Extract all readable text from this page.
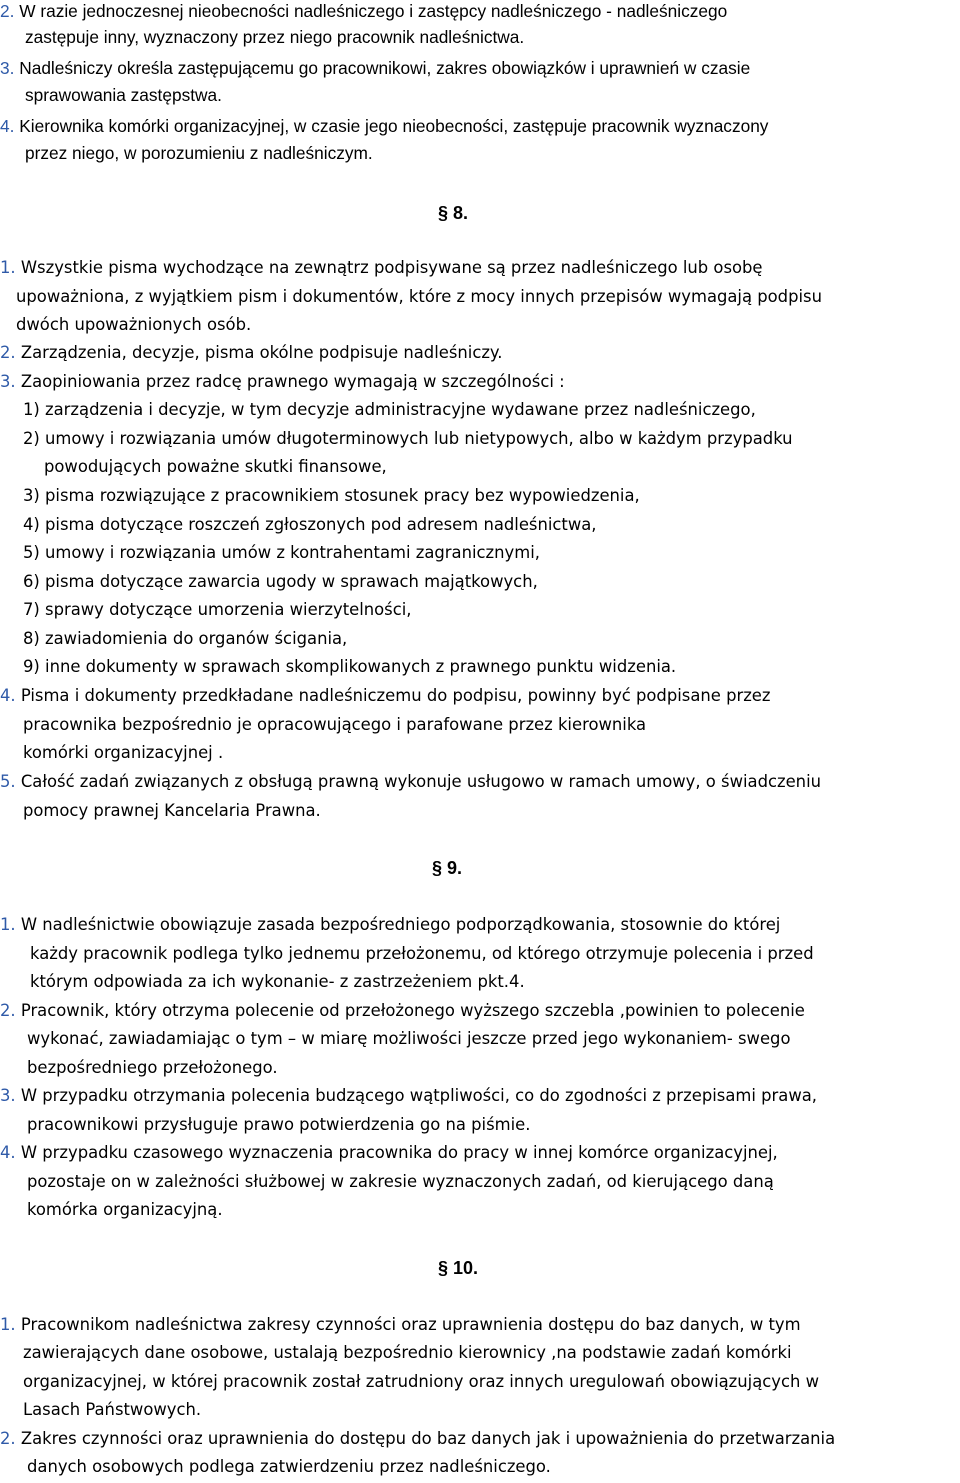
2. W razie jednoczesnej nieobecności nadleśniczego i zastępcy nadleśniczego - nadleśniczego
zastępuje inny, wyznaczony przez niego pracownik nadleśnictwa.
3. Nadleśniczy określa zastępującemu go pracownikowi, zakres obowiązków i uprawnień w czasie
sprawowania zastępstwa.
4. Kierownika komórki organizacyjnej, w czasie jego nieobecności, zastępuje pracownik wyznaczony
przez niego, w porozumieniu z nadleśniczym.
§ 8.
1. Wszystkie pisma wychodzące na zewnątrz podpisywane są przez nadleśniczego lub osobę
upoważniona, z wyjątkiem pism i dokumentów, które z mocy innych przepisów wymagają podpisu
dwóch upoważnionych osób.
2. Zarządzenia, decyzje, pisma okólne podpisuje nadleśniczy.
3. Zaopiniowania przez radcę prawnego wymagają w szczególności :
1) zarządzenia i decyzje, w tym decyzje administracyjne wydawane przez nadleśniczego,
2) umowy i rozwiązania umów długoterminowych lub nietypowych, albo w każdym przypadku
powodujących poważne skutki finansowe,
3) pisma rozwiązujące z pracownikiem stosunek pracy bez wypowiedzenia,
4) pisma dotyczące roszczeń zgłoszonych pod adresem nadleśnictwa,
5) umowy i rozwiązania umów z kontrahentami zagranicznymi,
6) pisma dotyczące zawarcia ugody w sprawach majątkowych,
7) sprawy dotyczące umorzenia wierzytelności,
8) zawiadomienia do organów ścigania,
9) inne dokumenty w sprawach skomplikowanych z prawnego punktu widzenia.
4. Pisma i dokumenty przedkładane nadleśniczemu do podpisu, powinny być podpisane przez
pracownika bezpośrednio je opracowującego i parafowane przez kierownika
komórki organizacyjnej .
5. Całość zadań związanych z obsługą prawną wykonuje usługowo w ramach umowy, o świadczeniu
pomocy prawnej Kancelaria Prawna.
§ 9.
1. W nadleśnictwie obowiązuje zasada bezpośredniego podporządkowania, stosownie do której
każdy pracownik podlega tylko jednemu przełożonemu, od którego otrzymuje polecenia i przed
którym odpowiada za ich wykonanie- z zastrzeżeniem pkt.4.
2. Pracownik, który otrzyma polecenie od przełożonego wyższego szczebla ,powinien to polecenie
wykonać, zawiadamiając o tym – w miarę możliwości jeszcze przed jego wykonaniem- swego
bezpośredniego przełożonego.
3. W przypadku otrzymania polecenia budzącego wątpliwości, co do zgodności z przepisami prawa,
pracownikowi przysługuje prawo potwierdzenia go na piśmie.
4. W przypadku czasowego wyznaczenia pracownika do pracy w innej komórce organizacyjnej,
pozostaje on w zależności służbowej w zakresie wyznaczonych zadań, od kierującego daną
komórka organizacyjną.
§ 10.
1. Pracownikom nadleśnictwa zakresy czynności oraz uprawnienia dostępu do baz danych, w tym
zawierających dane osobowe, ustalają bezpośrednio kierownicy ,na podstawie zadań komórki
organizacyjnej, w której pracownik został zatrudniony oraz innych uregulowań obowiązujących w
Lasach Państwowych.
2. Zakres czynności oraz uprawnienia do dostępu do baz danych jak i upoważnienia do przetwarzania
danych osobowych podlega zatwierdzeniu przez nadleśniczego.
